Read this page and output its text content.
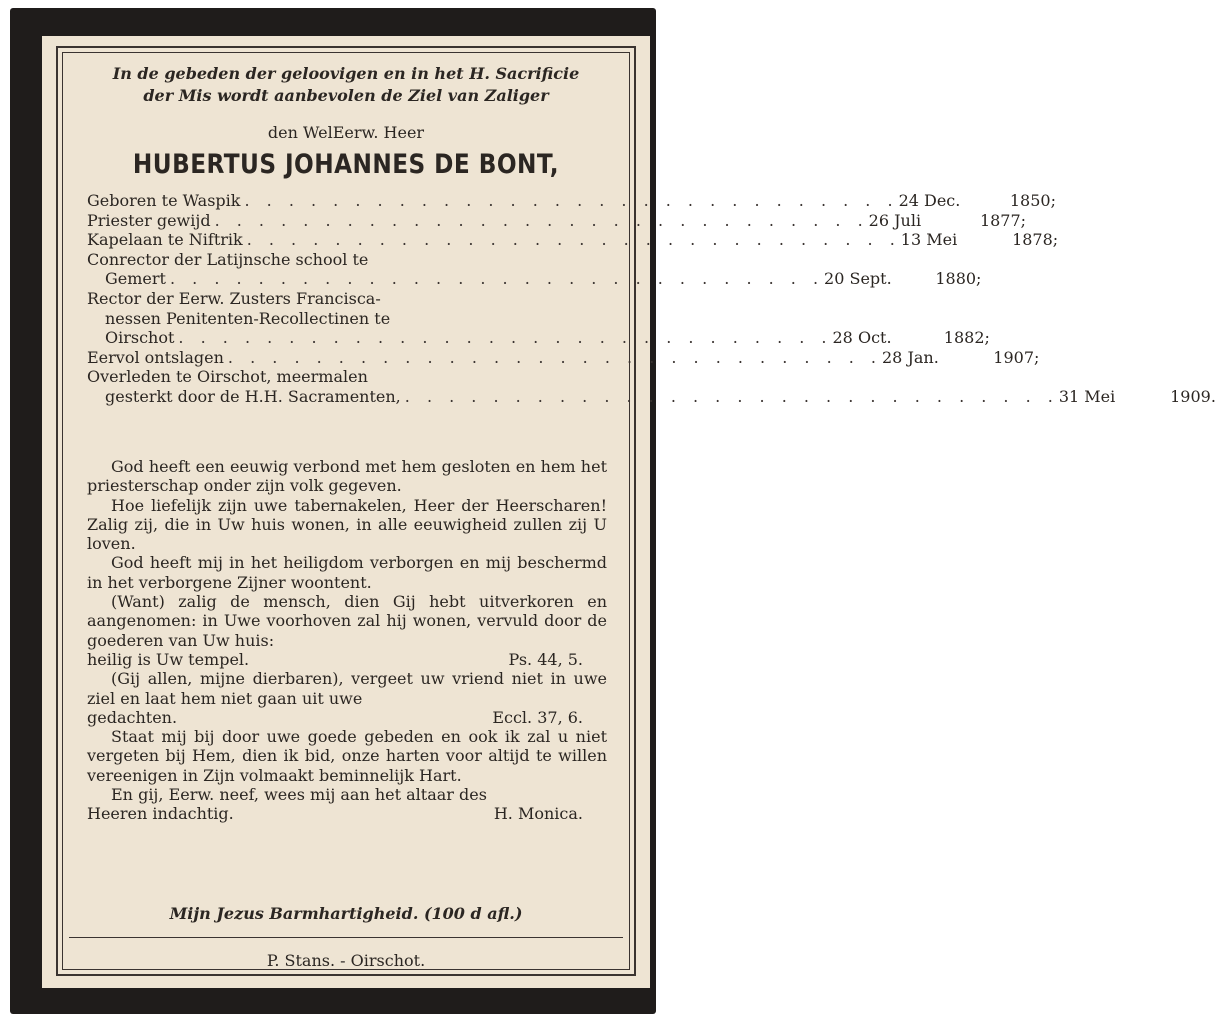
In de gebeden der geloovigen en in het H. Sacrificie
der Mis wordt aanbevolen de Ziel van Zaliger
den WelEerw. Heer
HUBERTUS JOHANNES DE BONT,
Geboren te Waspik . . . . . . . . . . . . . . . . . . . . . . . . . . . . . . 24 Dec.	1850 ;
Priester gewijd . . . . . . . . . . . . . . . . . . . . . . . . . . . . . . 26 Juli	1877 ;
Kapelaan te Niftrik . . . . . . . . . . . . . . . . . . . . . . . . . . . . . . 13 Mei	1878 ;
Conrector der Latijnsche school te
Gemert . . . . . . . . . . . . . . . . . . . . . . . . . . . . . . 20 Sept.	1880 ;
Rector der Eerw. Zusters Franciscа-
nessen Penitenten-Recollectinen te
Oirschot . . . . . . . . . . . . . . . . . . . . . . . . . . . . . . 28 Oct.	1882 ;
Eervol ontslagen . . . . . . . . . . . . . . . . . . . . . . . . . . . . . . 28 Jan.	1907 ;
Overleden te Oirschot, meermalen
gesterkt door de H.H. Sacramenten, . . . . . . . . . . . . . . . . . . . . . . . . . . . . . . 31 Mei	1909 .

God heeft een eeuwig verbond met hem gesloten en hem het priesterschap onder zijn volk gegeven.

Hoe liefelijk zijn uwe tabernakelen, Heer der Heerscharen! Zalig zij, die in Uw huis wonen, in alle eeuwigheid zullen zij U loven.

God heeft mij in het heiligdom verborgen en mij beschermd in het verborgene Zijner woontent.

(Want) zalig de mensch, dien Gij hebt uitverkoren en aangenomen: in Uwe voorhoven zal hij wonen, vervuld door de goederen van Uw huis:

heilig is Uw tempel.	Ps. 44, 5.

(Gij allen, mijne dierbaren), vergeet uw vriend niet in uwe ziel en laat hem niet gaan uit uwe

gedachten.	Eccl. 37, 6.

Staat mij bij door uwe goede gebeden en ook ik zal u niet vergeten bij Hem, dien ik bid, onze harten voor altijd te willen vereenigen in Zijn volmaakt beminnelijk Hart.

En gij, Eerw. neef, wees mij aan het altaar des

Heeren indachtig.	H. Monica.
Mijn Jezus Barmhartigheid. (100 d afl.)
P. Stans. - Oirschot.
